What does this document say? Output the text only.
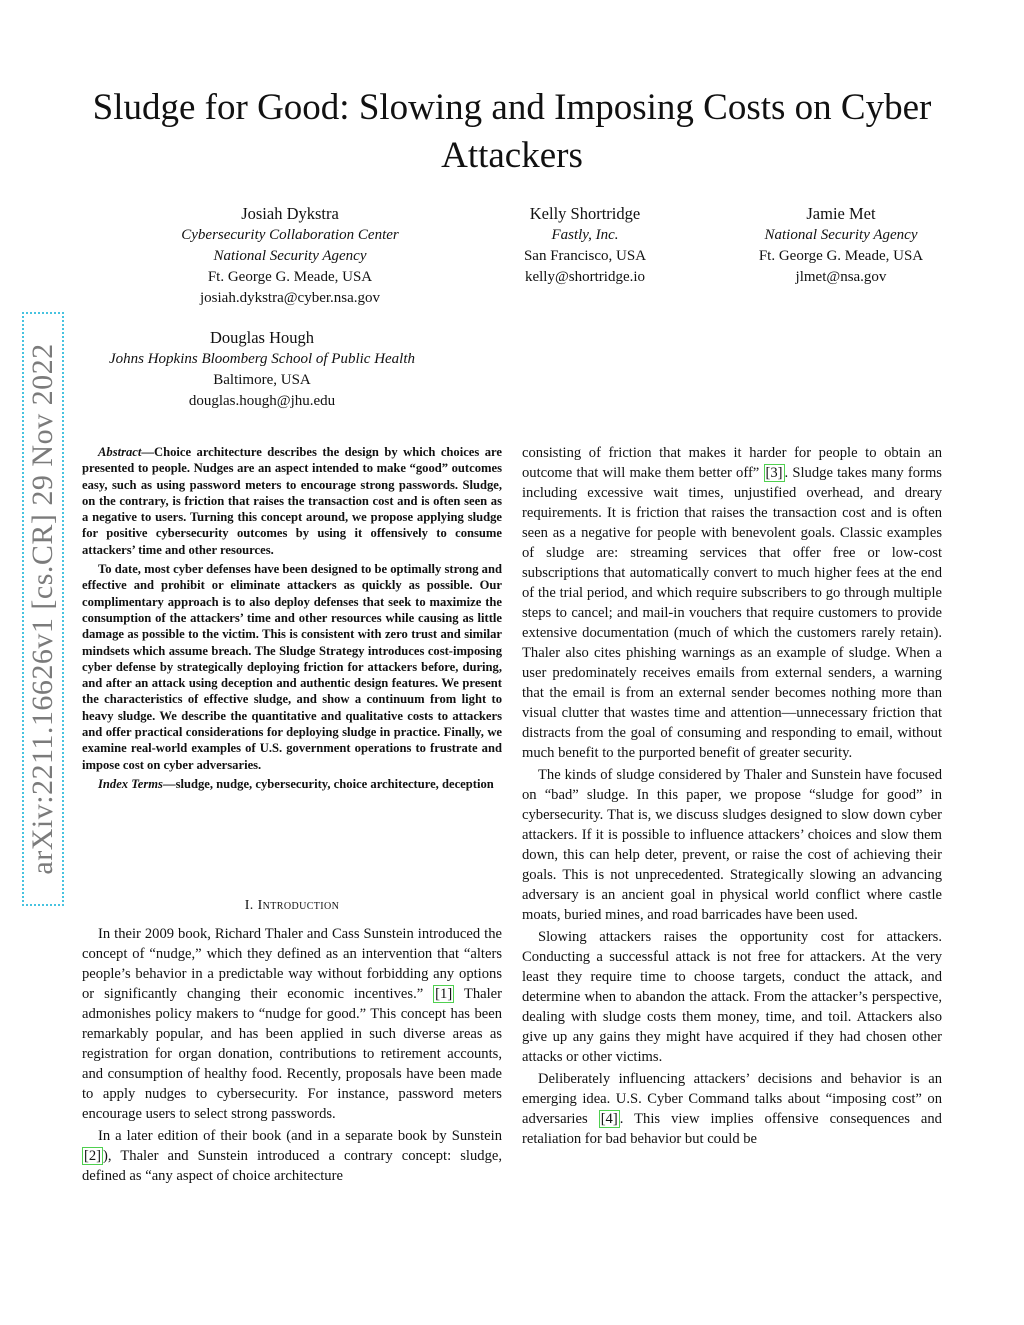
arXiv:2211.16626v1 [cs.CR] 29 Nov 2022
Sludge for Good: Slowing and Imposing Costs on Cyber Attackers
Josiah Dykstra
Cybersecurity Collaboration Center
National Security Agency
Ft. George G. Meade, USA
josiah.dykstra@cyber.nsa.gov
Kelly Shortridge
Fastly, Inc.
San Francisco, USA
kelly@shortridge.io
Jamie Met
National Security Agency
Ft. George G. Meade, USA
jlmet@nsa.gov
Douglas Hough
Johns Hopkins Bloomberg School of Public Health
Baltimore, USA
douglas.hough@jhu.edu

Abstract—Choice architecture describes the design by which choices are presented to people. Nudges are an aspect intended to make “good” outcomes easy, such as using password meters to encourage strong passwords. Sludge, on the contrary, is friction that raises the transaction cost and is often seen as a negative to users. Turning this concept around, we propose applying sludge for positive cybersecurity outcomes by using it offensively to consume attackers’ time and other resources.

To date, most cyber defenses have been designed to be optimally strong and effective and prohibit or eliminate attackers as quickly as possible. Our complimentary approach is to also deploy defenses that seek to maximize the consumption of the attackers’ time and other resources while causing as little damage as possible to the victim. This is consistent with zero trust and similar mindsets which assume breach. The Sludge Strategy introduces cost-imposing cyber defense by strategically deploying friction for attackers before, during, and after an attack using deception and authentic design features. We present the characteristics of effective sludge, and show a continuum from light to heavy sludge. We describe the quantitative and qualitative costs to attackers and offer practical considerations for deploying sludge in practice. Finally, we examine real-world examples of U.S. government operations to frustrate and impose cost on cyber adversaries.

Index Terms—sludge, nudge, cybersecurity, choice architecture, deception

I. Introduction

In their 2009 book, Richard Thaler and Cass Sunstein introduced the concept of “nudge,” which they defined as an intervention that “alters people’s behavior in a predictable way without forbidding any options or significantly changing their economic incentives.” [1] Thaler admonishes policy makers to “nudge for good.” This concept has been remarkably popular, and has been applied in such diverse areas as registration for organ donation, contributions to retirement accounts, and consumption of healthy food. Recently, proposals have been made to apply nudges to cybersecurity. For instance, password meters encourage users to select strong passwords.

In a later edition of their book (and in a separate book by Sunstein [2] ), Thaler and Sunstein introduced a contrary concept: sludge, defined as “any aspect of choice architecture

consisting of friction that makes it harder for people to obtain an outcome that will make them better off” [3] . Sludge takes many forms including excessive wait times, unjustified overhead, and dreary requirements. It is friction that raises the transaction cost and is often seen as a negative for people with benevolent goals. Classic examples of sludge are: streaming services that offer free or low-cost subscriptions that automatically convert to much higher fees at the end of the trial period, and which require subscribers to go through multiple steps to cancel; and mail-in vouchers that require customers to provide extensive documentation (much of which the customers rarely retain). Thaler also cites phishing warnings as an example of sludge. When a user predominately receives emails from external senders, a warning that the email is from an external sender becomes nothing more than visual clutter that wastes time and attention—unnecessary friction that distracts from the goal of consuming and responding to email, without much benefit to the purported benefit of greater security.

The kinds of sludge considered by Thaler and Sunstein have focused on “bad” sludge. In this paper, we propose “sludge for good” in cybersecurity. That is, we discuss sludges designed to slow down cyber attackers. If it is possible to influence attackers’ choices and slow them down, this can help deter, prevent, or raise the cost of achieving their goals. This is not unprecedented. Strategically slowing an advancing adversary is an ancient goal in physical world conflict where castle moats, buried mines, and road barricades have been used.

Slowing attackers raises the opportunity cost for attackers. Conducting a successful attack is not free for attackers. At the very least they require time to choose targets, conduct the attack, and determine when to abandon the attack. From the attacker’s perspective, dealing with sludge costs them money, time, and toil. Attackers also give up any gains they might have acquired if they had chosen other attacks or other victims.

Deliberately influencing attackers’ decisions and behavior is an emerging idea. U.S. Cyber Command talks about “imposing cost” on adversaries [4] . This view implies offensive consequences and retaliation for bad behavior but could be
